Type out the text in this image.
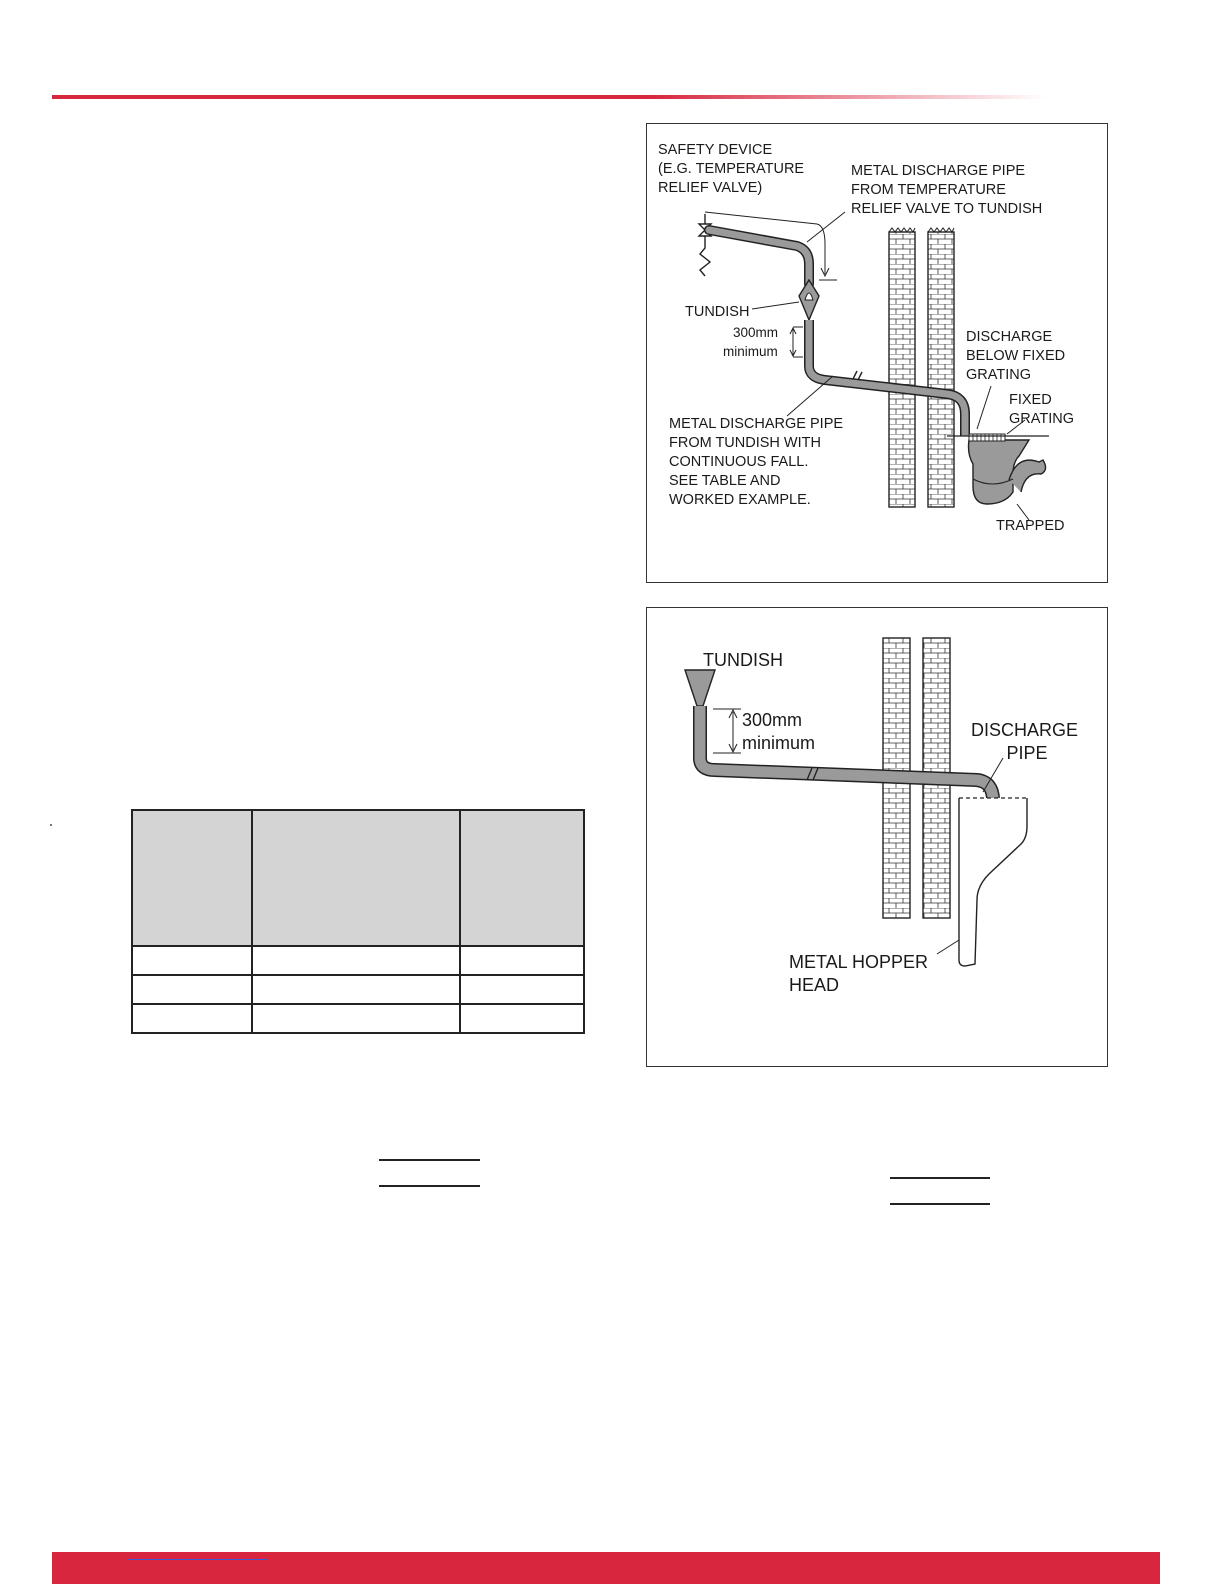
SAFETY DEVICE (E.G. TEMPERATURE RELIEF VALVE)
METAL DISCHARGE PIPE FROM TEMPERATURE RELIEF VALVE TO TUNDISH
TUNDISH
300mm minimum
DISCHARGE BELOW FIXED GRATING
FIXED GRATING
METAL DISCHARGE PIPE FROM TUNDISH WITH CONTINUOUS FALL. SEE TABLE AND WORKED EXAMPLE.
TRAPPED
TUNDISH
300mm minimum
DISCHARGE PIPE
METAL HOPPER HEAD
